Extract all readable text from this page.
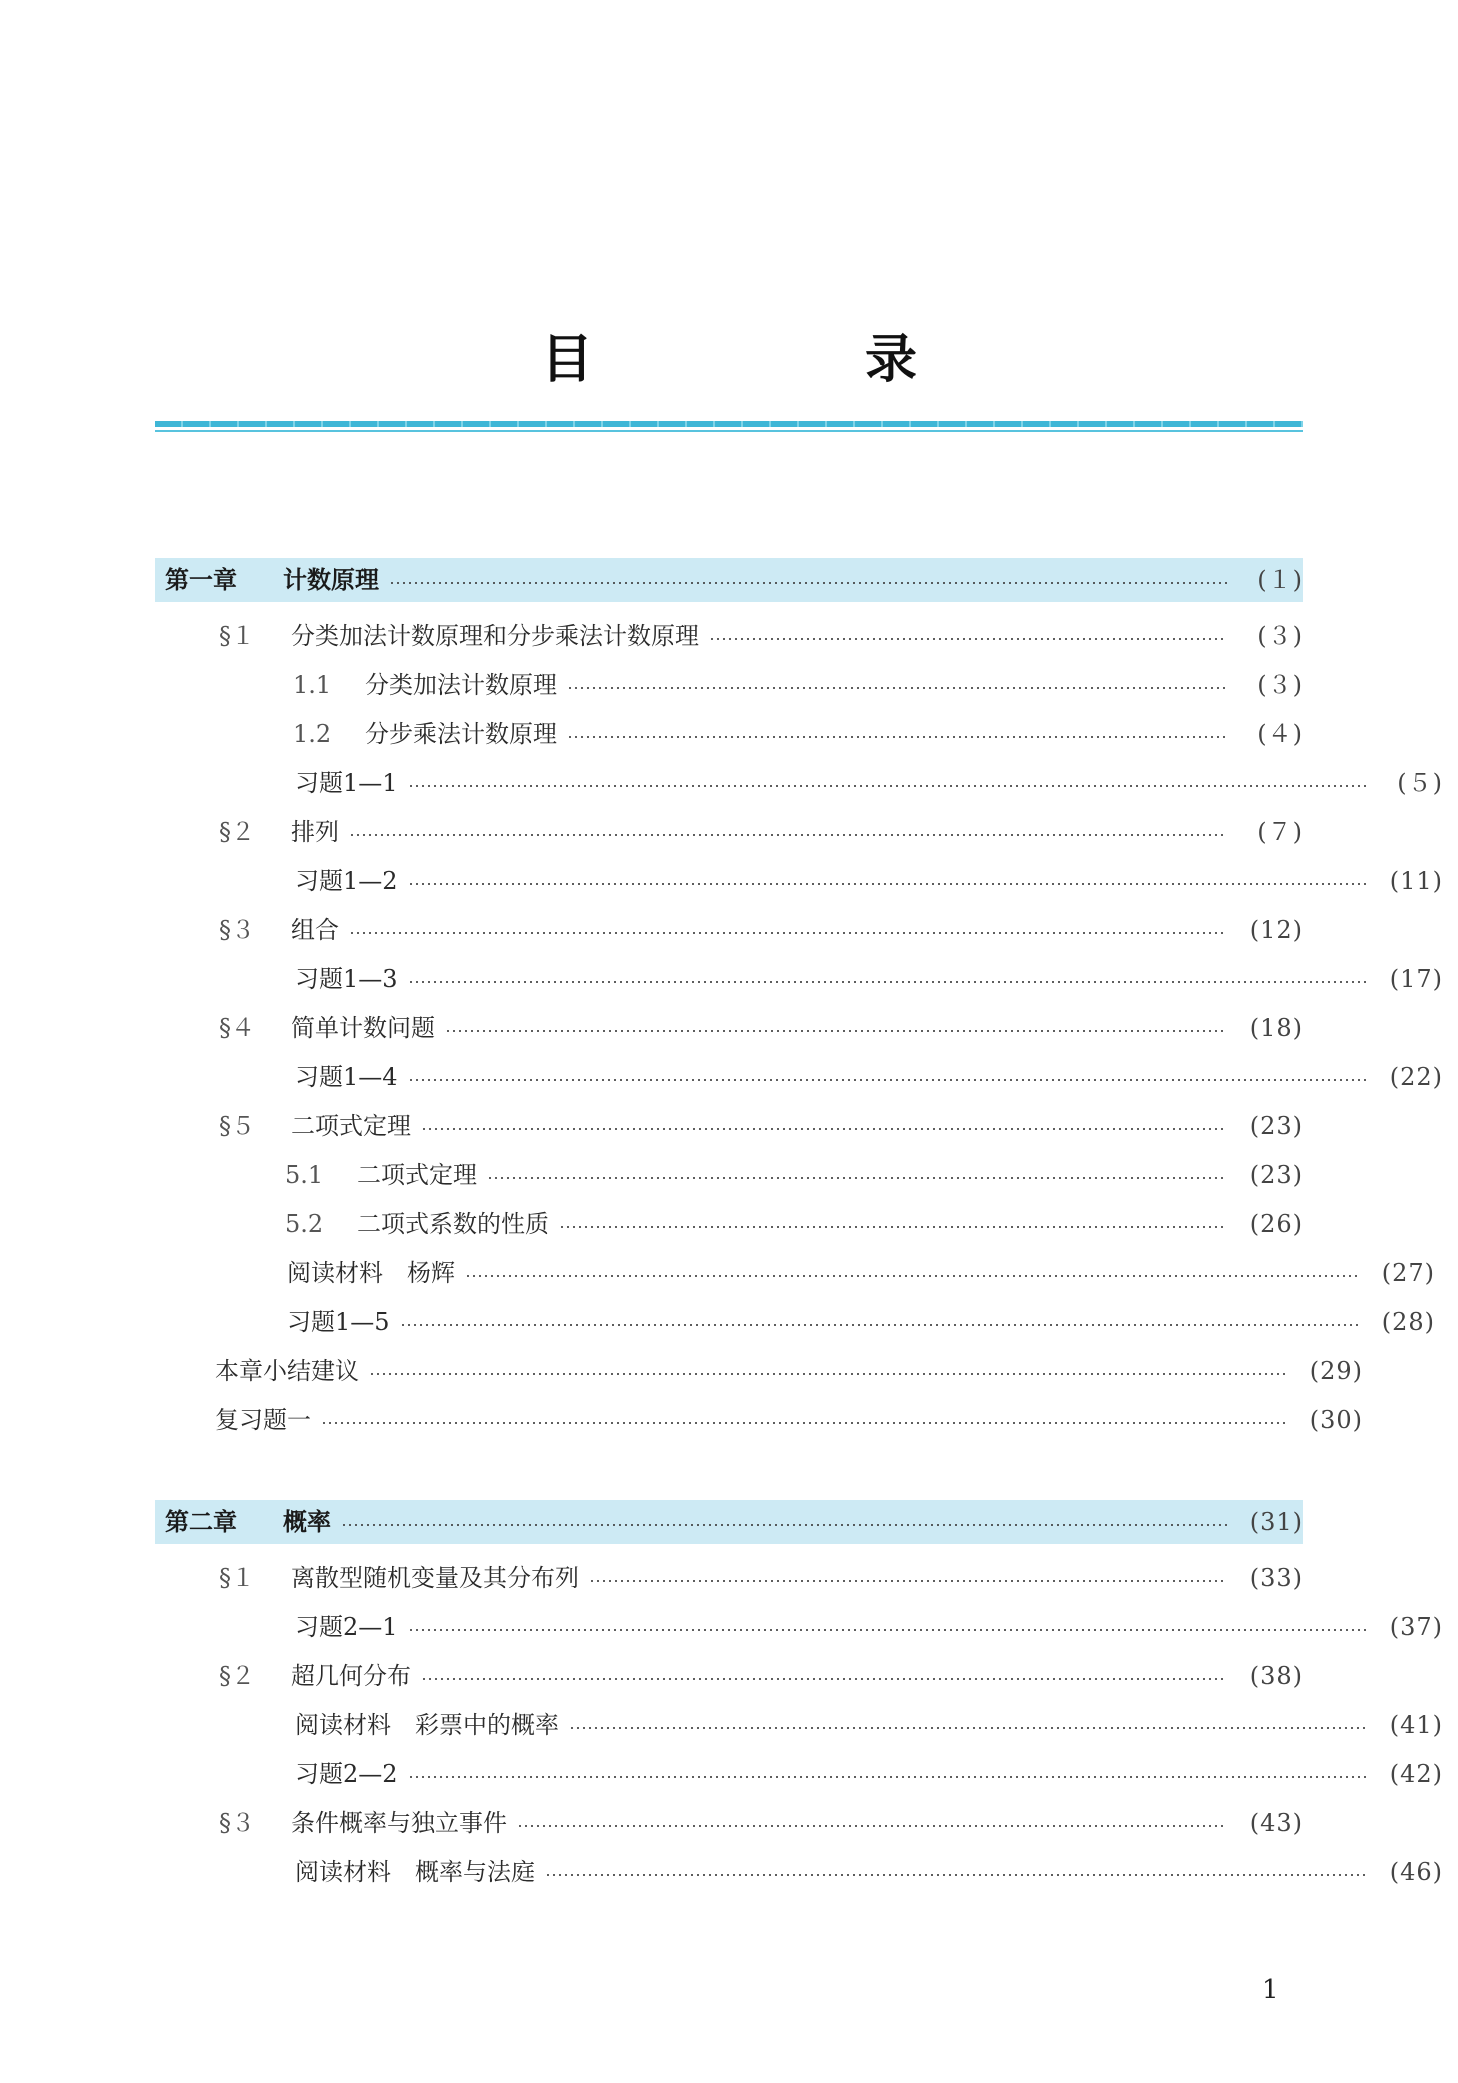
目　录
第一章	计数原理	(１)
§１	分类加法计数原理和分步乘法计数原理	(３)
1.1	分类加法计数原理	(３)
1.2	分步乘法计数原理	(４)
习题1—1	(５)
§２	排列	(７)
习题1—2	(11)
§３	组合	(12)
习题1—3	(17)
§４	简单计数问题	(18)
习题1—4	(22)
§５	二项式定理	(23)
5.1	二项式定理	(23)
5.2	二项式系数的性质	(26)
阅读材料　杨辉	(27)
习题1—5	(28)
本章小结建议	(29)
复习题一	(30)
第二章	概率	(31)
§１	离散型随机变量及其分布列	(33)
习题2—1	(37)
§２	超几何分布	(38)
阅读材料　彩票中的概率	(41)
习题2—2	(42)
§３	条件概率与独立事件	(43)
阅读材料　概率与法庭	(46)
1
